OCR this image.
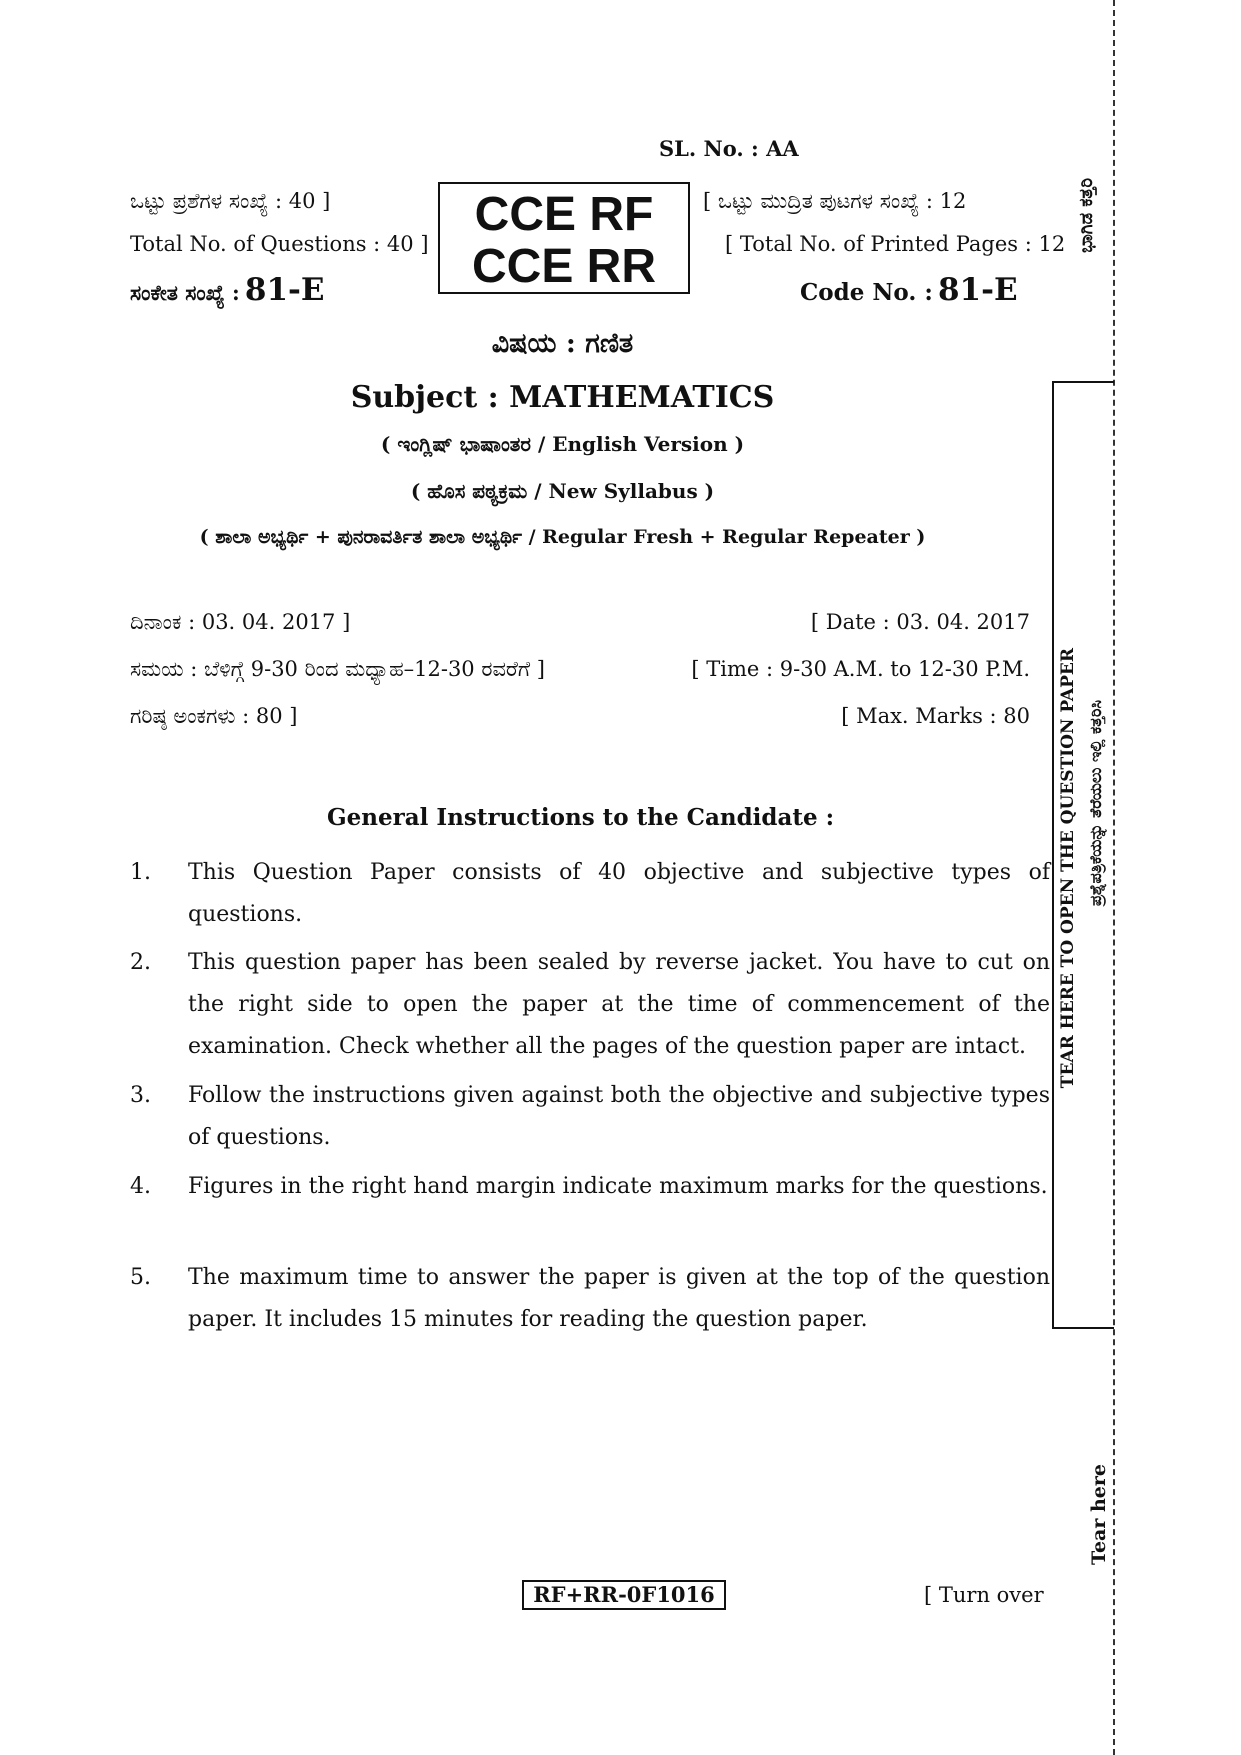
SL. No. : AA
ಒಟ್ಟು ಪ್ರಶೆಗಳ ಸಂಖ್ಯೆ : 40 ]
Total No. of Questions : 40 ]
ಸಂಕೇತ ಸಂಖ್ಯೆ : 81-E
CCE RF
CCE RR
[ ಒಟ್ಟು ಮುದ್ರಿತ ಪುಟಗಳ ಸಂಖ್ಯೆ : 12
[ Total No. of Printed Pages : 12
Code No. : 81-E
ವಿಷಯ : ಗಣಿತ
Subject : MATHEMATICS
( ಇಂಗ್ಲಿಷ್ ಭಾಷಾಂತರ / English Version )
( ಹೊಸ ಪಠ್ಯಕ್ರಮ / New Syllabus )
( ಶಾಲಾ ಅಭ್ಯರ್ಥಿ + ಪುನರಾವರ್ತಿತ ಶಾಲಾ ಅಭ್ಯರ್ಥಿ / Regular Fresh + Regular Repeater )
ದಿನಾಂಕ : 03. 04. 2017 ]	[ Date : 03. 04. 2017
ಸಮಯ : ಬೆಳಿಗ್ಗೆ 9-30 ರಿಂದ ಮಧ್ಯಾಹ–12-30 ರವರೆಗೆ ]	[ Time : 9-30 A.M. to 12-30 P.M.
ಗರಿಷ್ಠ ಅಂಕಗಳು : 80 ]	[ Max. Marks : 80
General Instructions to the Candidate :
1. This Question Paper consists of 40 objective and subjective types of questions.
2. This question paper has been sealed by reverse jacket. You have to cut on the right side to open the paper at the time of commencement of the examination. Check whether all the pages of the question paper are intact.
3. Follow the instructions given against both the objective and subjective types of questions.
4. Figures in the right hand margin indicate maximum marks for the questions.
5. The maximum time to answer the paper is given at the top of the question paper. It includes 15 minutes for reading the question paper.
ಭಾಗಿಡ ಕತ್ತರಿ
TEAR HERE TO OPEN THE QUESTION PAPER ಪ್ರಶ್ನೆಪತ್ರಿಕೆಯನ್ನು ತೆರೆಯಲು ಇಲ್ಲಿ ಕತ್ತರಿಸಿ
Tear here
RF+RR-0F1016	[ Turn over
